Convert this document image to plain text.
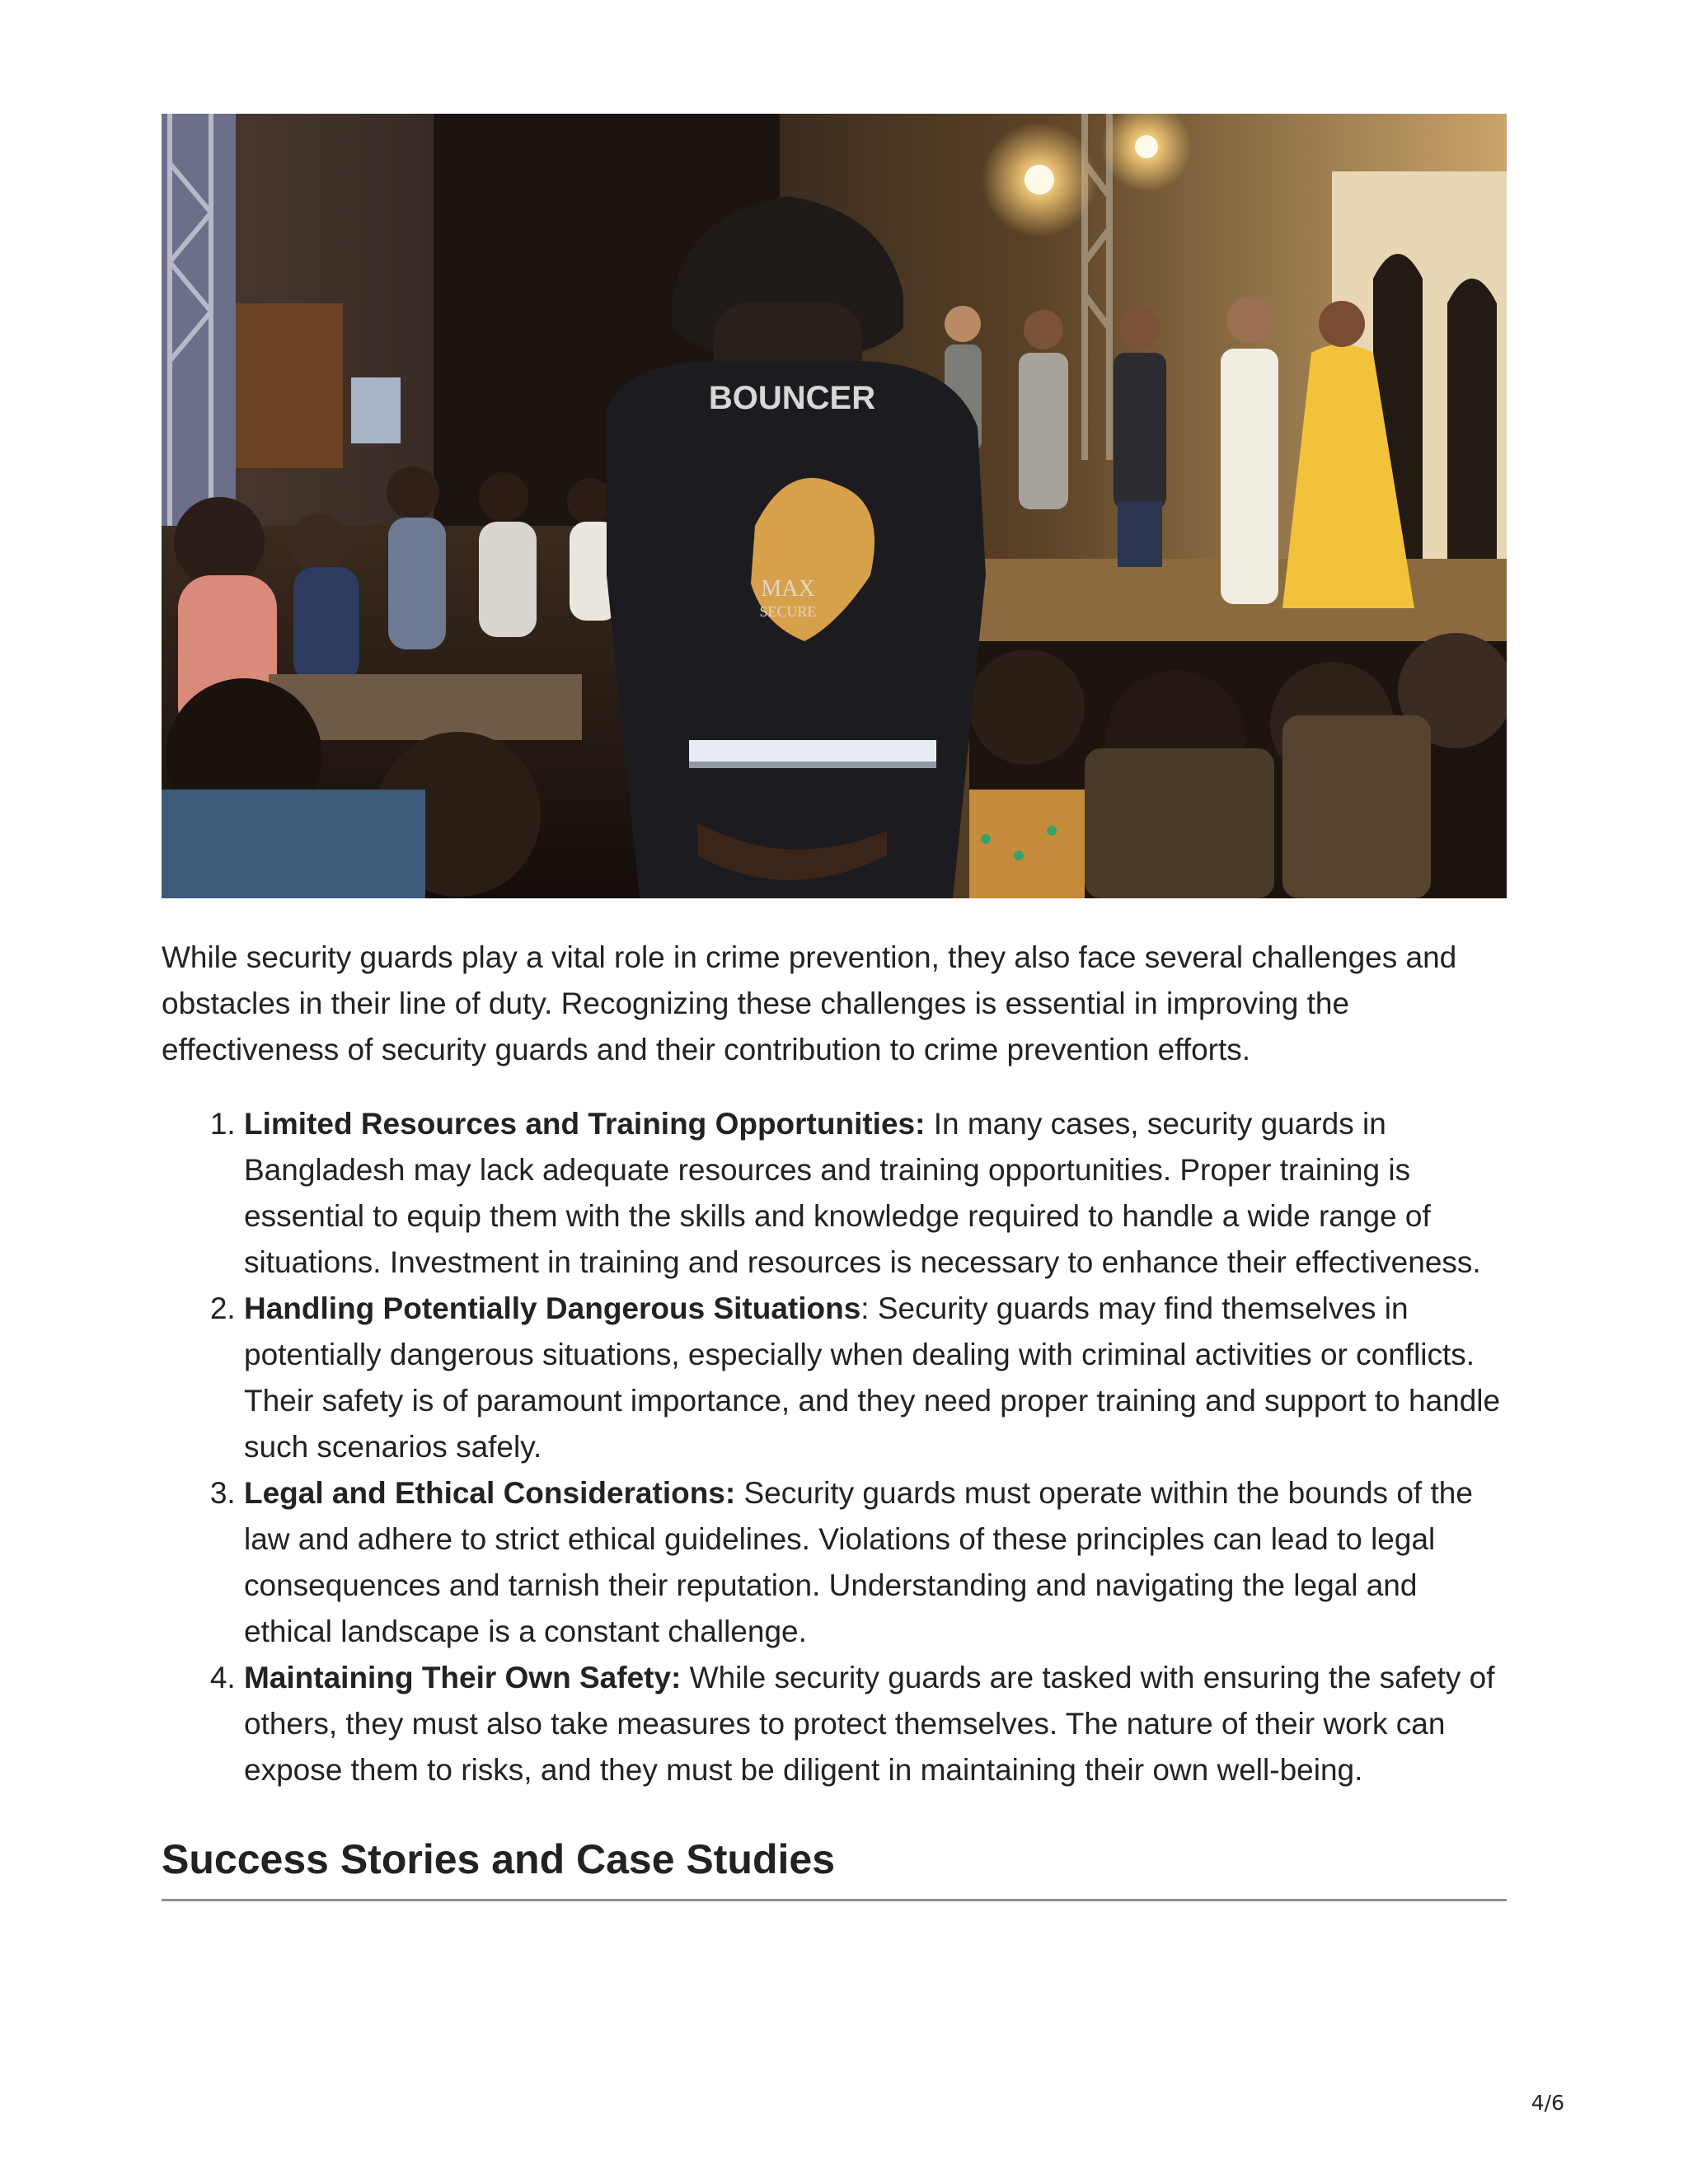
BOUNCER
MAX
SECURE

While security guards play a vital role in crime prevention, they also face several challenges and obstacles in their line of duty. Recognizing these challenges is essential in improving the effectiveness of security guards and their contribution to crime prevention efforts.

1. Limited Resources and Training Opportunities: In many cases, security guards in Bangladesh may lack adequate resources and training opportunities. Proper training is essential to equip them with the skills and knowledge required to handle a wide range of situations. Investment in training and resources is necessary to enhance their effectiveness.
2. Handling Potentially Dangerous Situations: Security guards may find themselves in potentially dangerous situations, especially when dealing with criminal activities or conflicts. Their safety is of paramount importance, and they need proper training and support to handle such scenarios safely.
3. Legal and Ethical Considerations: Security guards must operate within the bounds of the law and adhere to strict ethical guidelines. Violations of these principles can lead to legal consequences and tarnish their reputation. Understanding and navigating the legal and ethical landscape is a constant challenge.
4. Maintaining Their Own Safety: While security guards are tasked with ensuring the safety of others, they must also take measures to protect themselves. The nature of their work can expose them to risks, and they must be diligent in maintaining their own well-being.
Success Stories and Case Studies
4/6
